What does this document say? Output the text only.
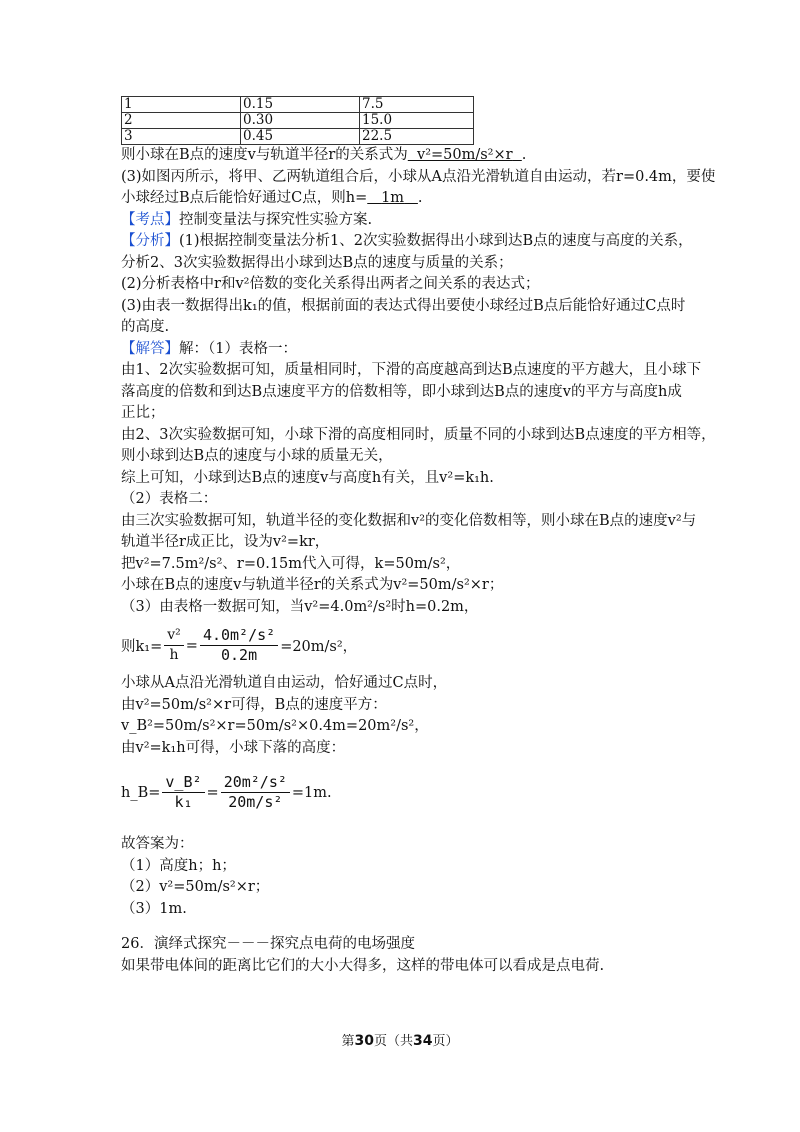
1	0.15	7.5
2	0.30	15.0
3	0.45	22.5
则小球在B点的速度v与轨道半径r的关系式为 v²=50m/s²×r .
(3)如图丙所示，将甲、乙两轨道组合后，小球从A点沿光滑轨道自由运动，若r=0.4m，要使
小球经过B点后能恰好通过C点，则h= 1m .
【考点】控制变量法与探究性实验方案.
【分析】(1)根据控制变量法分析1、2次实验数据得出小球到达B点的速度与高度的关系，
分析2、3次实验数据得出小球到达B点的速度与质量的关系；
(2)分析表格中r和v²倍数的变化关系得出两者之间关系的表达式；
(3)由表一数据得出k₁的值，根据前面的表达式得出要使小球经过B点后能恰好通过C点时
的高度.
【解答】解：（1）表格一：
由1、2次实验数据可知，质量相同时，下滑的高度越高到达B点速度的平方越大，且小球下
落高度的倍数和到达B点速度平方的倍数相等，即小球到达B点的速度v的平方与高度h成
正比；
由2、3次实验数据可知，小球下滑的高度相同时，质量不同的小球到达B点速度的平方相等，
则小球到达B点的速度与小球的质量无关，
综上可知，小球到达B点的速度v与高度h有关，且v²=k₁h.
（2）表格二：
由三次实验数据可知，轨道半径的变化数据和v²的变化倍数相等，则小球在B点的速度v²与
轨道半径r成正比，设为v²=kr，
把v²=7.5m²/s²、r=0.15m代入可得，k=50m/s²，
小球在B点的速度v与轨道半径r的关系式为v²=50m/s²×r；
（3）由表格一数据可知，当v²=4.0m²/s²时h=0.2m，
则$k_1= \frac{\text{v²}}{h} = \frac{\text{4.0m²/s²}}{0.2m} =20m/s^2$，
小球从A点沿光滑轨道自由运动，恰好通过C点时，
由v²=50m/s²×r可得，B点的速度平方：
v_B²=50m/s²×r=50m/s²×0.4m=20m²/s²，
由v²=k₁h可得，小球下落的高度：
h_B= $\frac{\text{v\_B²}}{\text{k₁}} = \frac{\text{20m²/s²}}{\text{20m/s²}} =1m$.
故答案为：
（1）高度h；h；
（2）v²=50m/s²×r；
（3）1m.
26．演绎式探究－－－探究点电荷的电场强度
如果带电体间的距离比它们的大小大得多，这样的带电体可以看成是点电荷.
第30页（共34页）
